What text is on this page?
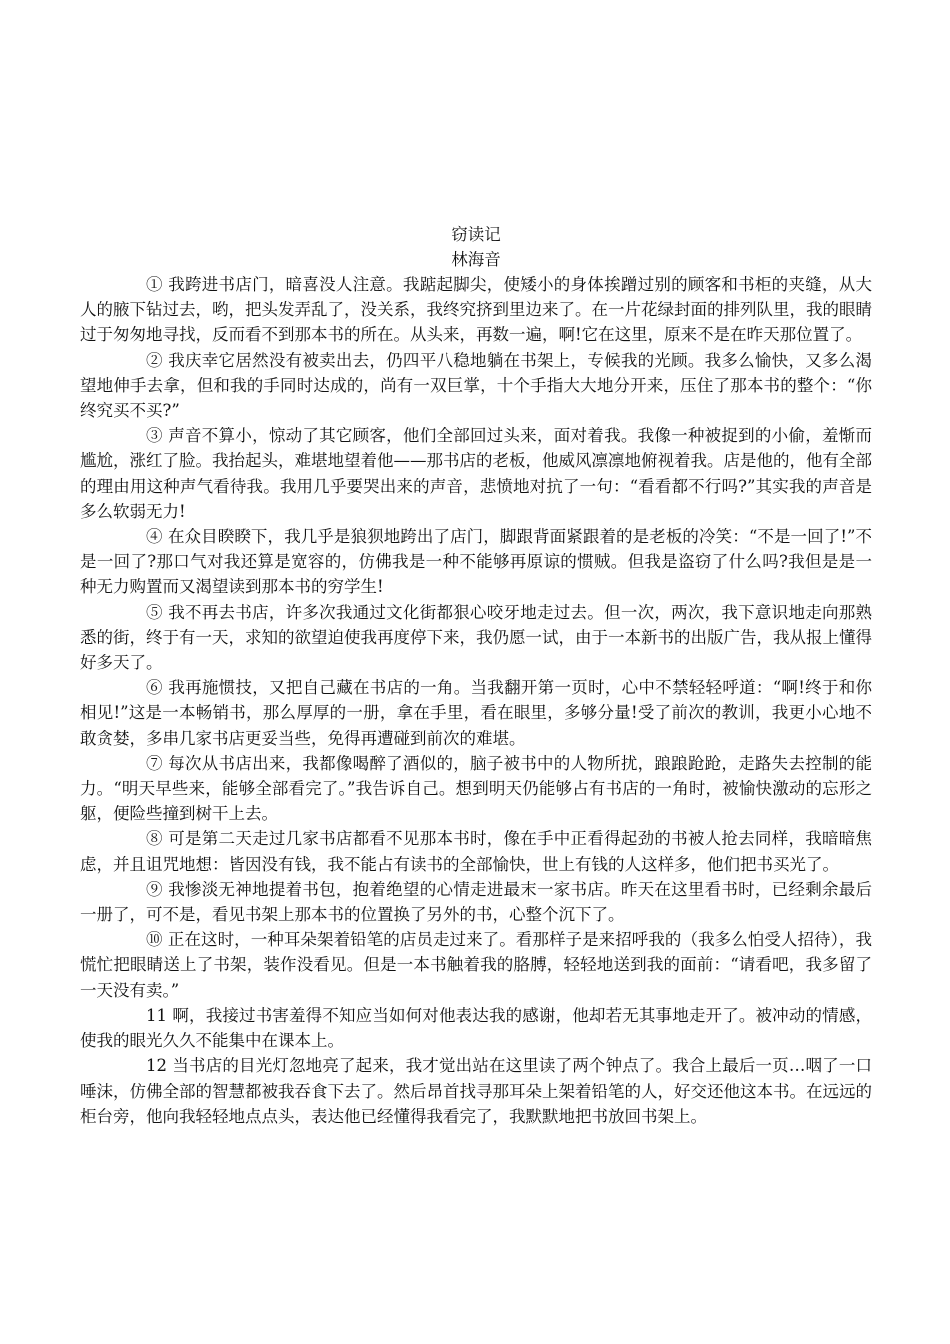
窃读记

林海音

① 我跨进书店门，暗喜没人注意。我踮起脚尖，使矮小的身体挨蹭过别的顾客和书柜的夹缝，从大人的腋下钻过去，哟，把头发弄乱了，没关系，我终究挤到里边来了。在一片花绿封面的排列队里，我的眼睛过于匆匆地寻找，反而看不到那本书的所在。从头来，再数一遍，啊!它在这里，原来不是在昨天那位置了。

② 我庆幸它居然没有被卖出去，仍四平八稳地躺在书架上，专候我的光顾。我多么愉快，又多么渴望地伸手去拿，但和我的手同时达成的，尚有一双巨掌，十个手指大大地分开来，压住了那本书的整个：“你终究买不买?”

③ 声音不算小，惊动了其它顾客，他们全部回过头来，面对着我。我像一种被捉到的小偷，羞惭而尴尬，涨红了脸。我抬起头，难堪地望着他——那书店的老板，他威风凛凛地俯视着我。店是他的，他有全部的理由用这种声气看待我。我用几乎要哭出来的声音，悲愤地对抗了一句：“看看都不行吗?”其实我的声音是多么软弱无力!

④ 在众目睽睽下，我几乎是狼狈地跨出了店门，脚跟背面紧跟着的是老板的冷笑：“不是一回了!”不是一回了?那口气对我还算是宽容的，仿佛我是一种不能够再原谅的惯贼。但我是盗窃了什么吗?我但是是一种无力购置而又渴望读到那本书的穷学生!

⑤ 我不再去书店，许多次我通过文化街都狠心咬牙地走过去。但一次，两次，我下意识地走向那熟悉的街，终于有一天，求知的欲望迫使我再度停下来，我仍愿一试，由于一本新书的出版广告，我从报上懂得好多天了。

⑥ 我再施惯技，又把自己藏在书店的一角。当我翻开第一页时，心中不禁轻轻呼道：“啊!终于和你相见!”这是一本畅销书，那么厚厚的一册，拿在手里，看在眼里，多够分量!受了前次的教训，我更小心地不敢贪婪，多串几家书店更妥当些，免得再遭碰到前次的难堪。

⑦ 每次从书店出来，我都像喝醉了酒似的，脑子被书中的人物所扰，踉踉跄跄，走路失去控制的能力。“明天早些来，能够全部看完了。”我告诉自己。想到明天仍能够占有书店的一角时，被愉快激动的忘形之躯，便险些撞到树干上去。

⑧ 可是第二天走过几家书店都看不见那本书时，像在手中正看得起劲的书被人抢去同样，我暗暗焦虑，并且诅咒地想：皆因没有钱，我不能占有读书的全部愉快，世上有钱的人这样多，他们把书买光了。

⑨ 我惨淡无神地提着书包，抱着绝望的心情走进最末一家书店。昨天在这里看书时，已经剩余最后一册了，可不是，看见书架上那本书的位置换了另外的书，心整个沉下了。

⑩ 正在这时，一种耳朵架着铅笔的店员走过来了。看那样子是来招呼我的（我多么怕受人招待），我慌忙把眼睛送上了书架，装作没看见。但是一本书触着我的胳膊，轻轻地送到我的面前：“请看吧，我多留了一天没有卖。”

11 啊，我接过书害羞得不知应当如何对他表达我的感谢，他却若无其事地走开了。被冲动的情感，使我的眼光久久不能集中在课本上。

12 当书店的目光灯忽地亮了起来，我才觉出站在这里读了两个钟点了。我合上最后一页…咽了一口唾沫，仿佛全部的智慧都被我吞食下去了。然后昂首找寻那耳朵上架着铅笔的人，好交还他这本书。在远远的柜台旁，他向我轻轻地点点头，表达他已经懂得我看完了，我默默地把书放回书架上。
